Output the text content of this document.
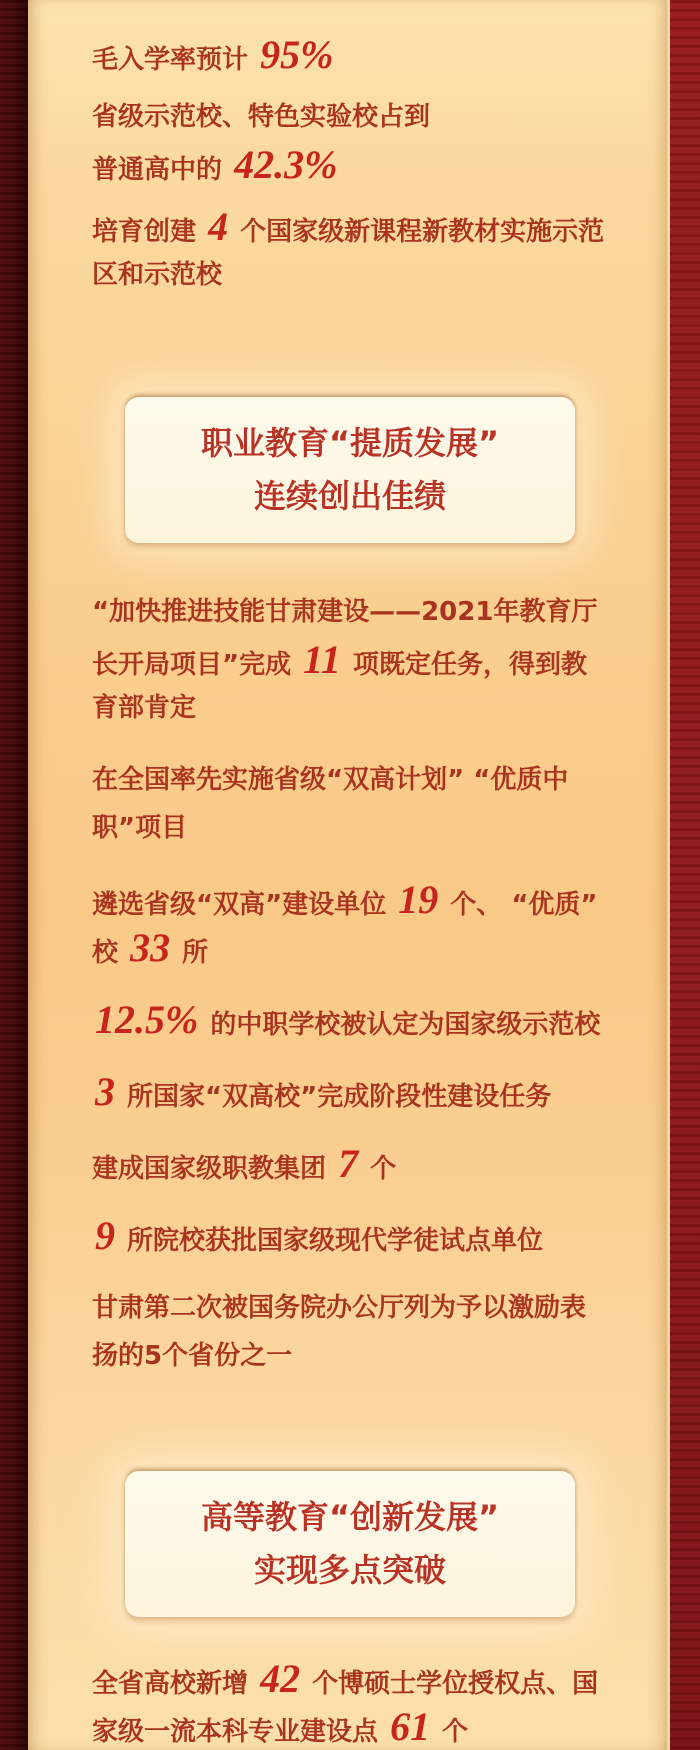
毛入学率预计 95%
省级示范校、特色实验校占到
普通高中的 42.3%
培育创建 4 个国家级新课程新教材实施示范
区和示范校
职业教育“提质发展”
连续创出佳绩
“加快推进技能甘肃建设——2021年教育厅
长开局项目”完成 11 项既定任务，得到教
育部肯定
在全国率先实施省级“双高计划” “优质中
职”项目
遴选省级“双高”建设单位 19 个、 “优质”
校 33 所
12.5% 的中职学校被认定为国家级示范校
3 所国家“双高校”完成阶段性建设任务
建成国家级职教集团 7 个
9 所院校获批国家级现代学徒试点单位
甘肃第二次被国务院办公厅列为予以激励表
扬的5个省份之一
高等教育“创新发展”
实现多点突破
全省高校新增 42 个博硕士学位授权点、国
家级一流本科专业建设点 61 个
